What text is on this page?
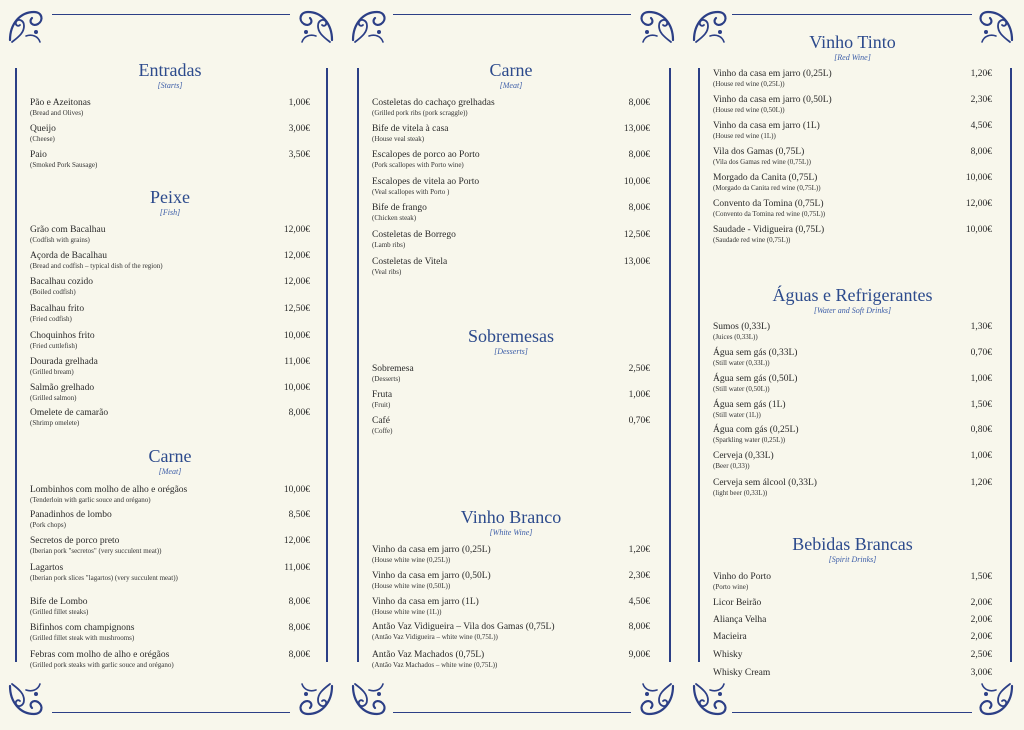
Entradas
[Starts]
Pão e Azeitonas
(Bread and Olives)
1,00€
Queijo
(Cheese)
3,00€
Paio
(Smoked Pork Sausage)
3,50€
Peixe
[Fish]
Grão com Bacalhau
(Codfish with grains)
12,00€
Açorda de Bacalhau
(Bread and codfish – typical dish of the region)
12,00€
Bacalhau cozido
(Boiled codfish)
12,00€
Bacalhau frito
(Fried codfish)
12,50€
Choquinhos frito
(Fried cuttlefish)
10,00€
Dourada grelhada
(Grilled bream)
11,00€
Salmão grelhado
(Grilled salmon)
10,00€
Omelete de camarão
(Shrimp omelete)
8,00€
Carne
[Meat]
Lombinhos com molho de alho e orégãos
(Tenderloin with garlic souce and orégano)
10,00€
Panadinhos de lombo
(Pork chops)
8,50€
Secretos de porco preto
(Iberian pork "secretos" (very succulent meat))
12,00€
Lagartos
(Iberian pork slices "lagartos) (very succulent meat))
11,00€
Bife de Lombo
(Grilled fillet steaks)
8,00€
Bifinhos com champignons
(Grilled fillet steak with mushrooms)
8,00€
Febras com molho de alho e orégãos
(Grilled pork steaks with garlic souce and orégano)
8,00€
Carne
[Meat]
Costeletas do cachaço grelhadas
(Grilled pork ribs (pork scraggle))
8,00€
Bife de vitela à casa
(House veal steak)
13,00€
Escalopes de porco ao Porto
(Pork scallopes with Porto wine)
8,00€
Escalopes de vitela ao Porto
(Veal scallopes with Porto )
10,00€
Bife de frango
(Chicken steak)
8,00€
Costeletas de Borrego
(Lamb ribs)
12,50€
Costeletas de Vitela
(Veal ribs)
13,00€
Sobremesas
[Desserts]
Sobremesa
(Desserts)
2,50€
Fruta
(Fruit)
1,00€
Café
(Coffe)
0,70€
Vinho Branco
[White Wine]
Vinho da casa em jarro (0,25L)
(House white wine (0,25L))
1,20€
Vinho da casa em jarro (0,50L)
(House white wine (0,50L))
2,30€
Vinho da casa em jarro (1L)
(House white wine (1L))
4,50€
Antão Vaz Vidigueira – Vila dos Gamas (0,75L)
(Antão Vaz Vidigueira – white wine (0,75L))
8,00€
Antão Vaz Machados (0,75L)
(Antão Vaz Machados – white wine (0,75L))
9,00€
Vinho Tinto
[Red Wine]
Vinho da casa em jarro (0,25L)
(House red wine (0,25L))
1,20€
Vinho da casa em jarro (0,50L)
(House red wine (0,50L))
2,30€
Vinho da casa em jarro (1L)
(House red wine (1L))
4,50€
Vila dos Gamas (0,75L)
(Vila dos Gamas red wine (0,75L))
8,00€
Morgado da Canita (0,75L)
(Morgado da Canita red wine (0,75L))
10,00€
Convento da Tomina (0,75L)
(Convento da Tomina red wine (0,75L))
12,00€
Saudade - Vidigueira (0,75L)
(Saudade red wine (0,75L))
10,00€
Águas e Refrigerantes
[Water and Soft Drinks]
Sumos (0,33L)
(Juices (0,33L))
1,30€
Água sem gás (0,33L)
(Still water (0,33L))
0,70€
Água sem gás (0,50L)
(Still water (0,50L))
1,00€
Água sem gás (1L)
(Still water (1L))
1,50€
Água com gás (0,25L)
(Sparkling water (0,25L))
0,80€
Cerveja (0,33L)
(Beer (0,33))
1,00€
Cerveja sem álcool (0,33L)
(light beer (0,33L))
1,20€
Bebidas Brancas
[Spirit Drinks]
Vinho do Porto
(Porto wine)
1,50€
Licor Beirão	2,00€
Aliança Velha	2,00€
Macieira	2,00€
Whisky	2,50€
Whisky Cream	3,00€
